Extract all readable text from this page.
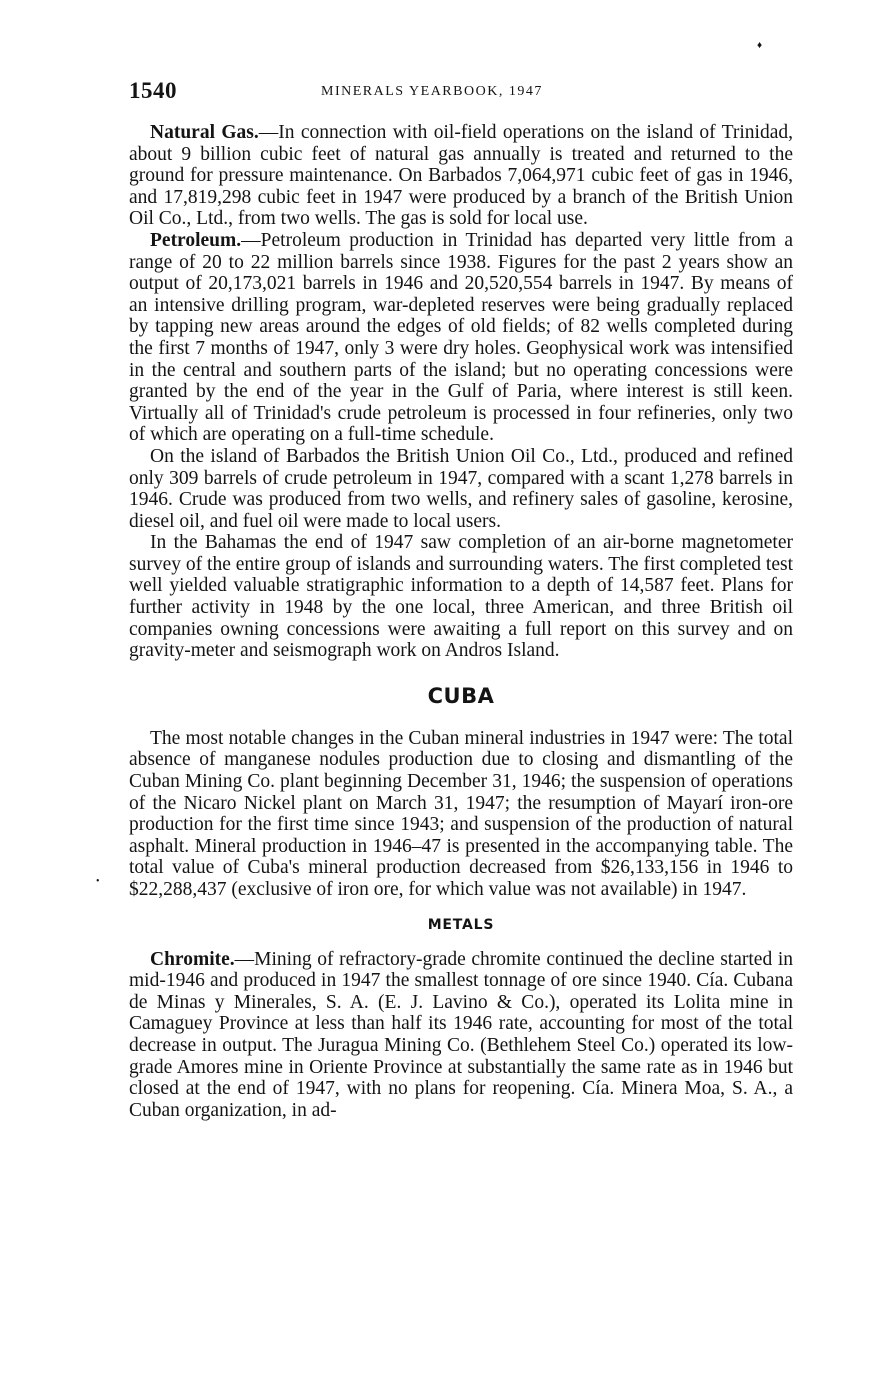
♦
1540	MINERALS YEARBOOK, 1947
•

Natural Gas.—In connection with oil-field operations on the island of Trinidad, about 9 billion cubic feet of natural gas annually is treated and returned to the ground for pressure maintenance. On Barbados 7,064,971 cubic feet of gas in 1946, and 17,819,298 cubic feet in 1947 were produced by a branch of the British Union Oil Co., Ltd., from two wells. The gas is sold for local use.

Petroleum.—Petroleum production in Trinidad has departed very little from a range of 20 to 22 million barrels since 1938. Figures for the past 2 years show an output of 20,173,021 barrels in 1946 and 20,520,554 barrels in 1947. By means of an intensive drilling program, war-depleted reserves were being gradually replaced by tapping new areas around the edges of old fields; of 82 wells completed during the first 7 months of 1947, only 3 were dry holes. Geophysical work was intensified in the central and southern parts of the island; but no operating concessions were granted by the end of the year in the Gulf of Paria, where interest is still keen. Virtually all of Trinidad's crude petroleum is processed in four refineries, only two of which are operating on a full-time schedule.

On the island of Barbados the British Union Oil Co., Ltd., produced and refined only 309 barrels of crude petroleum in 1947, compared with a scant 1,278 barrels in 1946. Crude was produced from two wells, and refinery sales of gasoline, kerosine, diesel oil, and fuel oil were made to local users.

In the Bahamas the end of 1947 saw completion of an air-borne magnetometer survey of the entire group of islands and surrounding waters. The first completed test well yielded valuable stratigraphic information to a depth of 14,587 feet. Plans for further activity in 1948 by the one local, three American, and three British oil companies owning concessions were awaiting a full report on this survey and on gravity-meter and seismograph work on Andros Island.

CUBA

The most notable changes in the Cuban mineral industries in 1947 were: The total absence of manganese nodules production due to closing and dismantling of the Cuban Mining Co. plant beginning December 31, 1946; the suspension of operations of the Nicaro Nickel plant on March 31, 1947; the resumption of Mayarí iron-ore production for the first time since 1943; and suspension of the production of natural asphalt. Mineral production in 1946–47 is presented in the accompanying table. The total value of Cuba's mineral production decreased from $26,133,156 in 1946 to $22,288,437 (exclusive of iron ore, for which value was not available) in 1947.

METALS

Chromite.—Mining of refractory-grade chromite continued the decline started in mid-1946 and produced in 1947 the smallest tonnage of ore since 1940. Cía. Cubana de Minas y Minerales, S. A. (E. J. Lavino & Co.), operated its Lolita mine in Camaguey Province at less than half its 1946 rate, accounting for most of the total decrease in output. The Juragua Mining Co. (Bethlehem Steel Co.) operated its low-grade Amores mine in Oriente Province at substantially the same rate as in 1946 but closed at the end of 1947, with no plans for reopening. Cía. Minera Moa, S. A., a Cuban organization, in ad-
